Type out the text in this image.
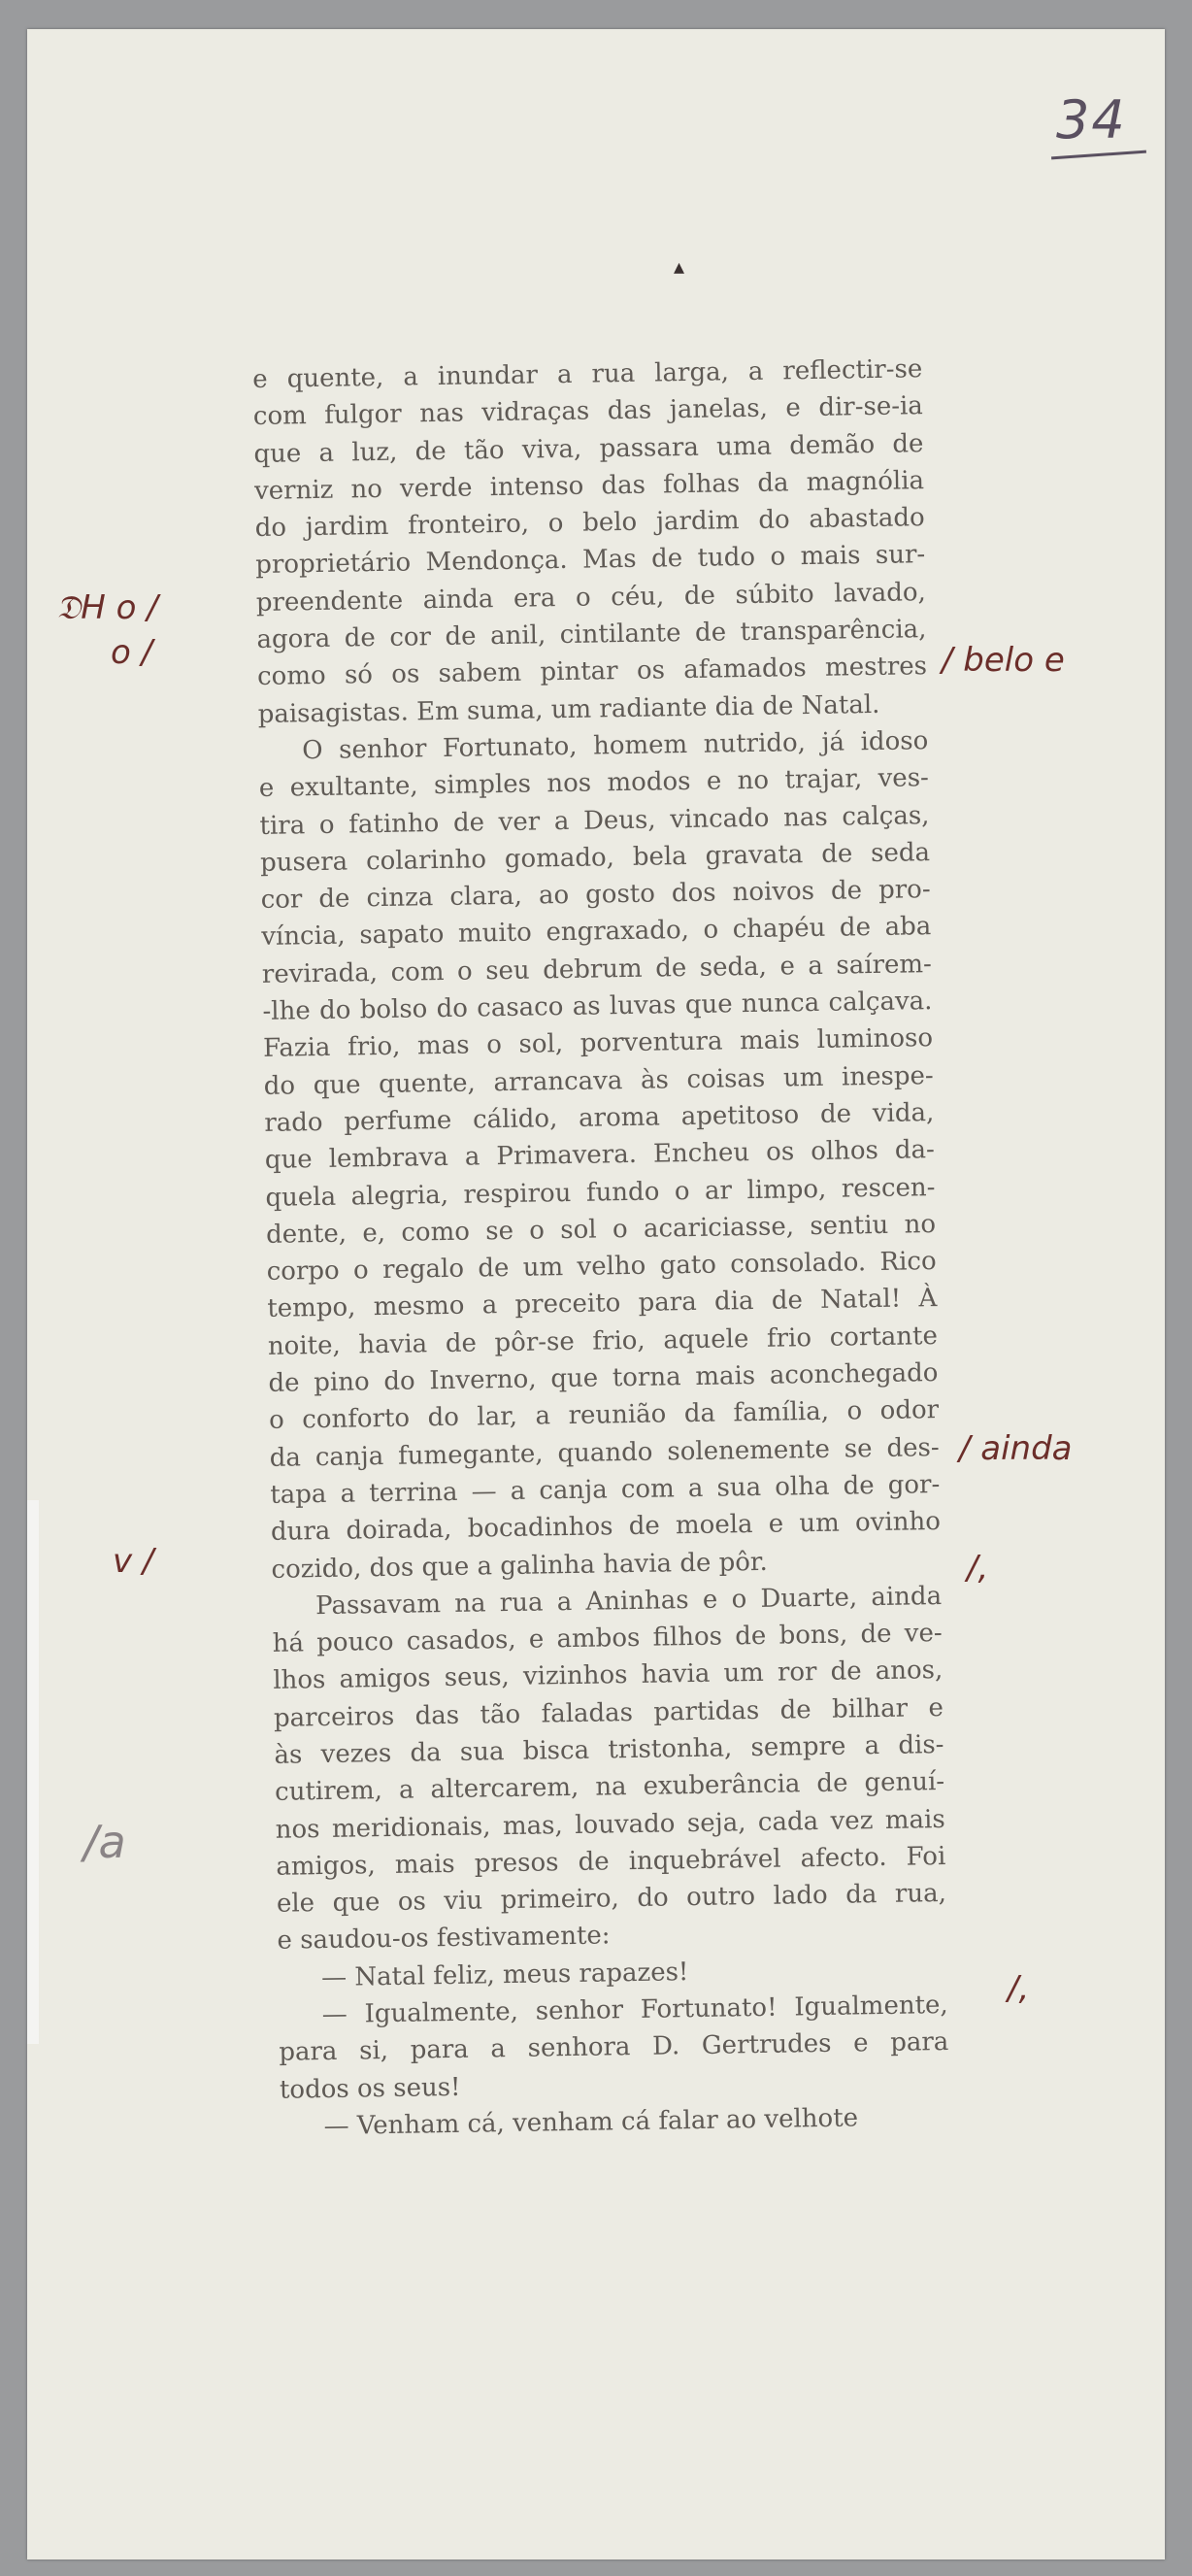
34
▴
e quente, a inundar a rua larga, a reflectir-se
com fulgor nas vidraças das janelas, e dir-se-ia
que a luz, de tão viva, passara uma demão de
verniz no verde intenso das folhas da magnólia
do jardim fronteiro, o belo jardim do abastado
proprietário Mendonça. Mas de tudo o mais sur-
preendente ainda era o céu, de súbito lavado,
agora de cor de anil, cintilante de transparência,
como só os sabem pintar os afamados mestres
paisagistas. Em suma, um radiante dia de Natal.
O senhor Fortunato, homem nutrido, já idoso
e exultante, simples nos modos e no trajar, ves-
tira o fatinho de ver a Deus, vincado nas calças,
pusera colarinho gomado, bela gravata de seda
cor de cinza clara, ao gosto dos noivos de pro-
víncia, sapato muito engraxado, o chapéu de aba
revirada, com o seu debrum de seda, e a saírem-
-lhe do bolso do casaco as luvas que nunca calçava.
Fazia frio, mas o sol, porventura mais luminoso
do que quente, arrancava às coisas um inespe-
rado perfume cálido, aroma apetitoso de vida,
que lembrava a Primavera. Encheu os olhos da-
quela alegria, respirou fundo o ar limpo, rescen-
dente, e, como se o sol o acariciasse, sentiu no
corpo o regalo de um velho gato consolado. Rico
tempo, mesmo a preceito para dia de Natal! À
noite, havia de pôr-se frio, aquele frio cortante
de pino do Inverno, que torna mais aconchegado
o conforto do lar, a reunião da família, o odor
da canja fumegante, quando solenemente se des-
tapa a terrina — a canja com a sua olha de gor-
dura doirada, bocadinhos de moela e um ovinho
cozido, dos que a galinha havia de pôr.
Passavam na rua a Aninhas e o Duarte, ainda
há pouco casados, e ambos filhos de bons, de ve-
lhos amigos seus, vizinhos havia um ror de anos,
parceiros das tão faladas partidas de bilhar e
às vezes da sua bisca tristonha, sempre a dis-
cutirem, a altercarem, na exuberância de genuí-
nos meridionais, mas, louvado seja, cada vez mais
amigos, mais presos de inquebrável afecto. Foi
ele que os viu primeiro, do outro lado da rua,
e saudou-os festivamente:
— Natal feliz, meus rapazes!
— Igualmente, senhor Fortunato! Igualmente,
para si, para a senhora D. Gertrudes e para
todos os seus!
— Venham cá, venham cá falar ao velhote
𝔇H o /
o /	/ belo e
/ ainda
v /	/,
/a
/,
